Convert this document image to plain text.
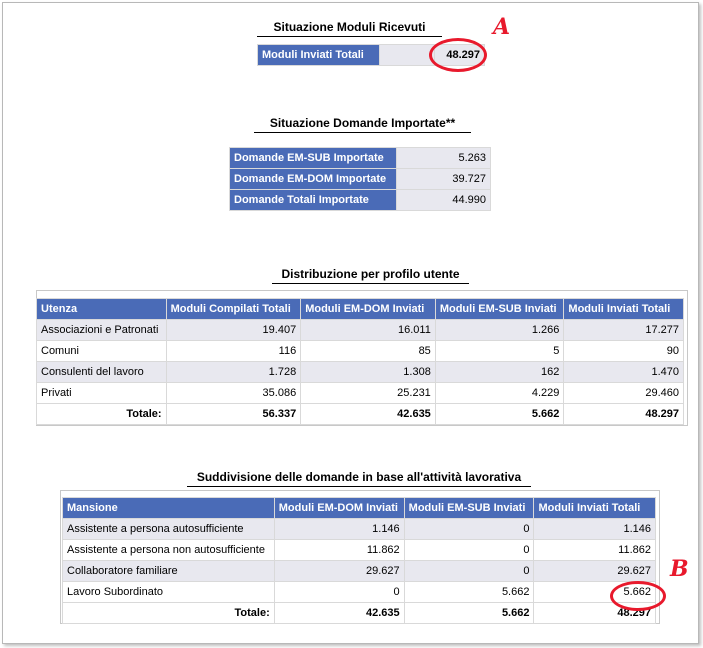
Situazione Moduli Ricevuti
Moduli Inviati Totali		48.297
Situazione Domande Importate**
Domande EM-SUB Importate	5.263
Domande EM-DOM Importate	39.727
Domande Totali Importate	44.990
Distribuzione per profilo utente
Utenza	Moduli Compilati Totali	Moduli EM-DOM Inviati	Moduli EM-SUB Inviati	Moduli Inviati Totali
Associazioni e Patronati	19.407	16.011	1.266	17.277
Comuni	116	85	5	90
Consulenti del lavoro	1.728	1.308	162	1.470
Privati	35.086	25.231	4.229	29.460
Totale:	56.337	42.635	5.662	48.297
Suddivisione delle domande in base all'attività lavorativa
Mansione	Moduli EM-DOM Inviati	Moduli EM-SUB Inviati	Moduli Inviati Totali
Assistente a persona autosufficiente	1.146	0	1.146
Assistente a persona non autosufficiente	11.862	0	11.862
Collaboratore familiare	29.627	0	29.627
Lavoro Subordinato	0	5.662	5.662
Totale:	42.635	5.662	48.297
A
B
